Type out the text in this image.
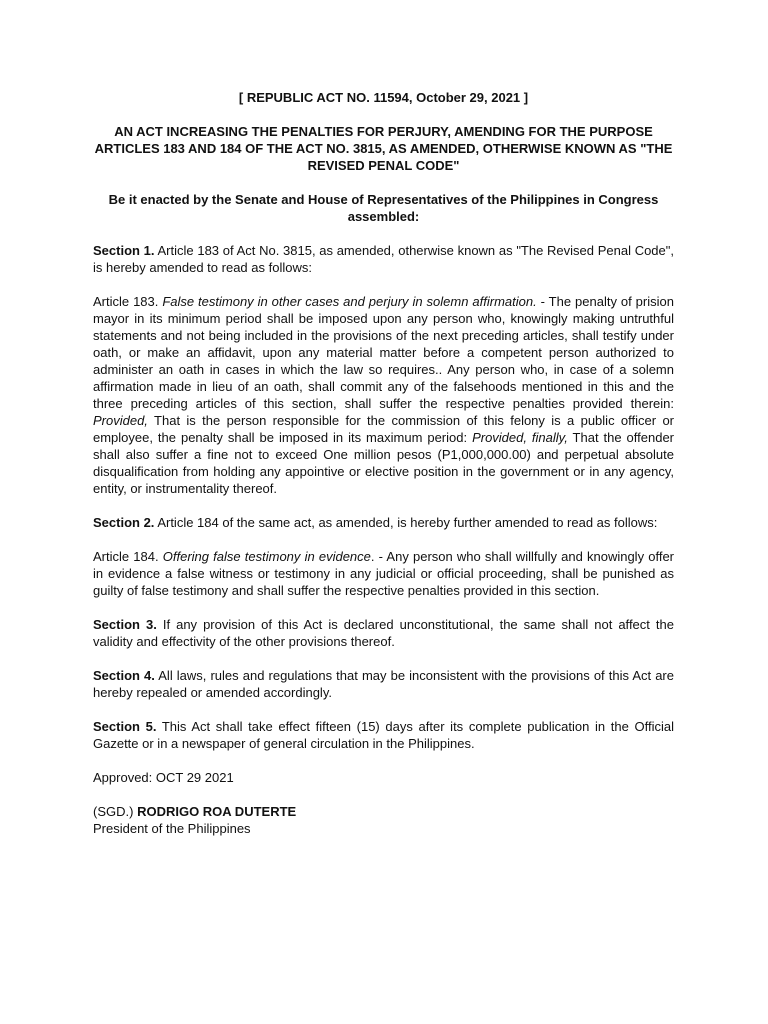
[ REPUBLIC ACT NO. 11594, October 29, 2021 ]
AN ACT INCREASING THE PENALTIES FOR PERJURY, AMENDING FOR THE PURPOSE ARTICLES 183 AND 184 OF THE ACT NO. 3815, AS AMENDED, OTHERWISE KNOWN AS "THE REVISED PENAL CODE"
Be it enacted by the Senate and House of Representatives of the Philippines in Congress assembled:

Section 1. Article 183 of Act No. 3815, as amended, otherwise known as "The Revised Penal Code", is hereby amended to read as follows:

Article 183. False testimony in other cases and perjury in solemn affirmation. - The penalty of prision mayor in its minimum period shall be imposed upon any person who, knowingly making untruthful statements and not being included in the provisions of the next preceding articles, shall testify under oath, or make an affidavit, upon any material matter before a competent person authorized to administer an oath in cases in which the law so requires.. Any person who, in case of a solemn affirmation made in lieu of an oath, shall commit any of the falsehoods mentioned in this and the three preceding articles of this section, shall suffer the respective penalties provided therein: Provided, That is the person responsible for the commission of this felony is a public officer or employee, the penalty shall be imposed in its maximum period: Provided, finally, That the offender shall also suffer a fine not to exceed One million pesos (P1,000,000.00) and perpetual absolute disqualification from holding any appointive or elective position in the government or in any agency, entity, or instrumentality thereof.

Section 2. Article 184 of the same act, as amended, is hereby further amended to read as follows:

Article 184. Offering false testimony in evidence. - Any person who shall willfully and knowingly offer in evidence a false witness or testimony in any judicial or official proceeding, shall be punished as guilty of false testimony and shall suffer the respective penalties provided in this section.

Section 3. If any provision of this Act is declared unconstitutional, the same shall not affect the validity and effectivity of the other provisions thereof.

Section 4. All laws, rules and regulations that may be inconsistent with the provisions of this Act are hereby repealed or amended accordingly.

Section 5. This Act shall take effect fifteen (15) days after its complete publication in the Official Gazette or in a newspaper of general circulation in the Philippines.

Approved: OCT 29 2021

(SGD.) RODRIGO ROA DUTERTE
President of the Philippines
